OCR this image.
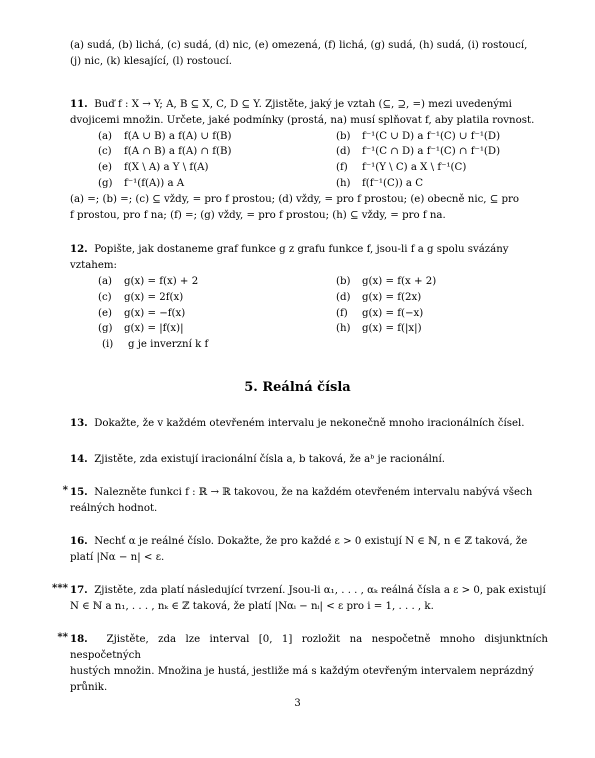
(a) sudá, (b) lichá, (c) sudá, (d) nic, (e) omezená, (f) lichá, (g) sudá, (h) sudá, (i) rostoucí,
(j) nic, (k) klesající, (l) rostoucí.
11. Buď f : X → Y; A, B ⊆ X, C, D ⊆ Y. Zjistěte, jaký je vztah (⊆, ⊇, =) mezi uvedenými
dvojicemi množin. Určete, jaké podmínky (prostá, na) musí splňovat f, aby platila rovnost.
(a) f(A ∪ B) a f(A) ∪ f(B)	(b) f⁻¹(C ∪ D) a f⁻¹(C) ∪ f⁻¹(D)
(c) f(A ∩ B) a f(A) ∩ f(B)	(d) f⁻¹(C ∩ D) a f⁻¹(C) ∩ f⁻¹(D)
(e) f(X \ A) a Y \ f(A)	(f) f⁻¹(Y \ C) a X \ f⁻¹(C)
(g) f⁻¹(f(A)) a A	(h) f(f⁻¹(C)) a C
(a) =; (b) =; (c) ⊆ vždy, = pro f prostou; (d) vždy, = pro f prostou; (e) obecně nic, ⊆ pro
f prostou, pro f na; (f) =; (g) vždy, = pro f prostou; (h) ⊆ vždy, = pro f na.
12. Popište, jak dostaneme graf funkce g z grafu funkce f, jsou-li f a g spolu svázány
vztahem:
(a) g(x) = f(x) + 2	(b) g(x) = f(x + 2)
(c) g(x) = 2f(x)	(d) g(x) = f(2x)
(e) g(x) = −f(x)	(f) g(x) = f(−x)
(g) g(x) = |f(x)|	(h) g(x) = f(|x|)
(i) g je inverzní k f
5. Reálná čísla
13. Dokažte, že v každém otevřeném intervalu je nekonečně mnoho iracionálních čísel.
14. Zjistěte, zda existují iracionální čísla a, b taková, že aᵇ je racionální.
* 15. Nalezněte funkci f : ℝ → ℝ takovou, že na každém otevřeném intervalu nabývá všech
reálných hodnot.
16. Nechť α je reálné číslo. Dokažte, že pro každé ε > 0 existují N ∈ ℕ, n ∈ ℤ taková, že
platí |Nα − n| < ε.
*** 17. Zjistěte, zda platí následující tvrzení. Jsou-li α₁, . . . , αₖ reálná čísla a ε > 0, pak existují
N ∈ ℕ a n₁, . . . , nₖ ∈ ℤ taková, že platí |Nαᵢ − nᵢ| < ε pro i = 1, . . . , k.
** 18. Zjistěte, zda lze interval [0, 1] rozložit na nespočetně mnoho disjunktních nespočetných
hustých množin. Množina je hustá, jestliže má s každým otevřeným intervalem neprázdný
průnik.
3
